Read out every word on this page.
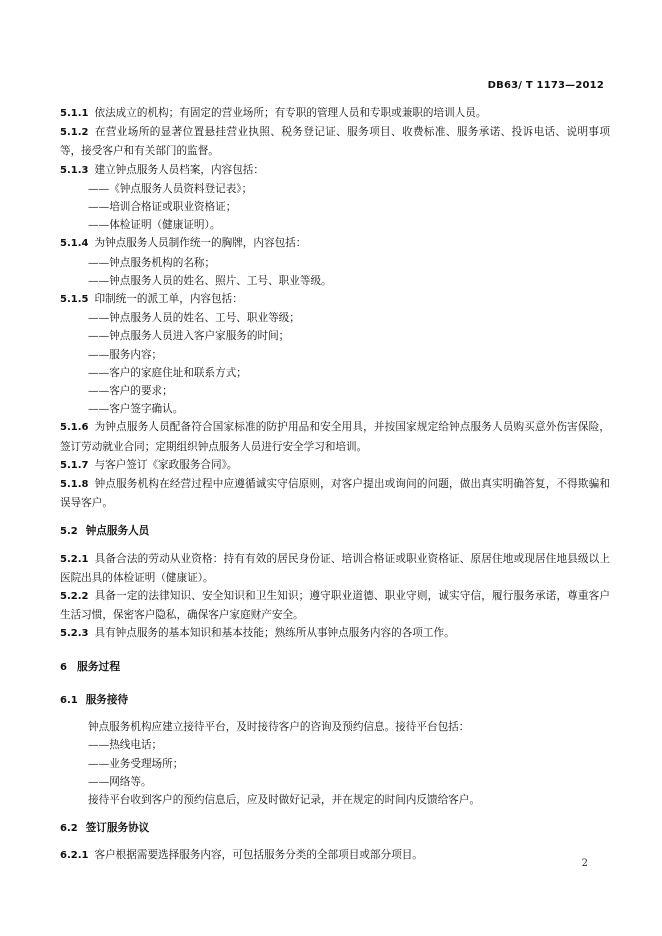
DB63/ T 1173—2012

5.1.1 依法成立的机构；有固定的营业场所；有专职的管理人员和专职或兼职的培训人员。

5.1.2 在营业场所的显著位置悬挂营业执照、税务登记证、服务项目、收费标准、服务承诺、投诉电话、说明事项等，接受客户和有关部门的监督。

5.1.3 建立钟点服务人员档案，内容包括：

——《钟点服务人员资料登记表》；

——培训合格证或职业资格证；

——体检证明（健康证明）。

5.1.4 为钟点服务人员制作统一的胸牌，内容包括：

——钟点服务机构的名称；

——钟点服务人员的姓名、照片、工号、职业等级。

5.1.5 印制统一的派工单，内容包括：

——钟点服务人员的姓名、工号、职业等级；

——钟点服务人员进入客户家服务的时间；

——服务内容；

——客户的家庭住址和联系方式；

——客户的要求；

——客户签字确认。

5.1.6 为钟点服务人员配备符合国家标准的防护用品和安全用具，并按国家规定给钟点服务人员购买意外伤害保险，签订劳动就业合同；定期组织钟点服务人员进行安全学习和培训。

5.1.7 与客户签订《家政服务合同》。

5.1.8 钟点服务机构在经营过程中应遵循诚实守信原则，对客户提出或询问的问题，做出真实明确答复，不得欺骗和误导客户。

5.2 钟点服务人员

5.2.1 具备合法的劳动从业资格：持有有效的居民身份证、培训合格证或职业资格证、原居住地或现居住地县级以上医院出具的体检证明（健康证）。

5.2.2 具备一定的法律知识、安全知识和卫生知识；遵守职业道德、职业守则，诚实守信，履行服务承诺，尊重客户生活习惯，保密客户隐私，确保客户家庭财产安全。

5.2.3 具有钟点服务的基本知识和基本技能；熟练所从事钟点服务内容的各项工作。

6 服务过程
6.1 服务接待

钟点服务机构应建立接待平台，及时接待客户的咨询及预约信息。接待平台包括：

——热线电话；

——业务受理场所；

——网络等。

接待平台收到客户的预约信息后，应及时做好记录，并在规定的时间内反馈给客户。

6.2 签订服务协议

6.2.1 客户根据需要选择服务内容，可包括服务分类的全部项目或部分项目。

2
